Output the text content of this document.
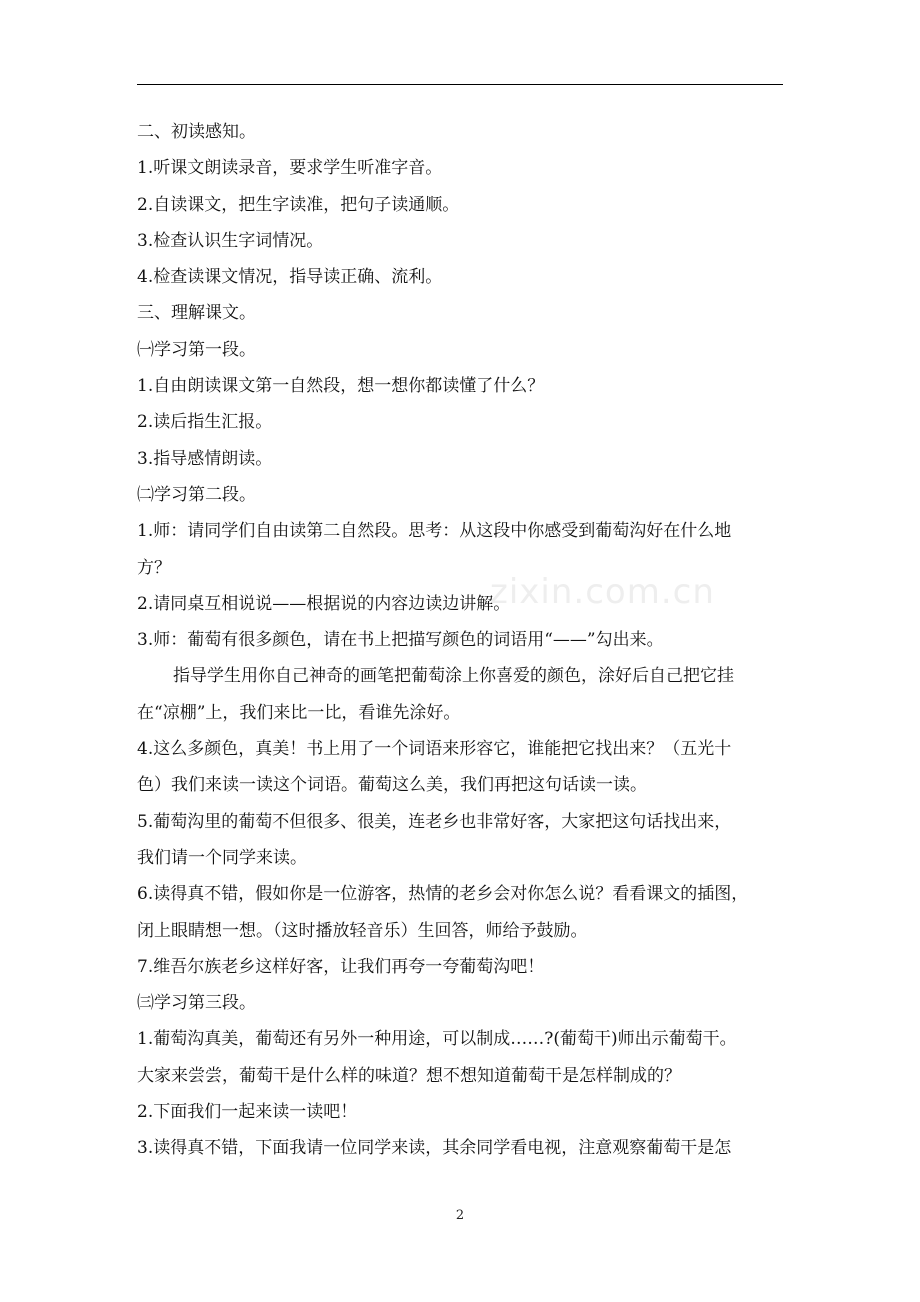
zixin.com.cn
二、初读感知。
1.听课文朗读录音，要求学生听准字音。
2.自读课文，把生字读准，把句子读通顺。
3.检查认识生字词情况。
4.检查读课文情况，指导读正确、流利。
三、理解课文。
㈠学习第一段。
1.自由朗读课文第一自然段，想一想你都读懂了什么？
2.读后指生汇报。
3.指导感情朗读。
㈡学习第二段。
1.师：请同学们自由读第二自然段。思考：从这段中你感受到葡萄沟好在什么地
方？
2.请同桌互相说说——根据说的内容边读边讲解。
3.师：葡萄有很多颜色，请在书上把描写颜色的词语用“——”勾出来。
指导学生用你自己神奇的画笔把葡萄涂上你喜爱的颜色，涂好后自己把它挂
在“凉棚”上，我们来比一比，看谁先涂好。
4.这么多颜色，真美！书上用了一个词语来形容它，谁能把它找出来？（五光十
色）我们来读一读这个词语。葡萄这么美，我们再把这句话读一读。
5.葡萄沟里的葡萄不但很多、很美，连老乡也非常好客，大家把这句话找出来，
我们请一个同学来读。
6.读得真不错，假如你是一位游客，热情的老乡会对你怎么说？看看课文的插图，
闭上眼睛想一想。（这时播放轻音乐）生回答，师给予鼓励。
7.维吾尔族老乡这样好客，让我们再夸一夸葡萄沟吧！
㈢学习第三段。
1.葡萄沟真美，葡萄还有另外一种用途，可以制成……?(葡萄干)师出示葡萄干。
大家来尝尝，葡萄干是什么样的味道？想不想知道葡萄干是怎样制成的？
2.下面我们一起来读一读吧！
3.读得真不错，下面我请一位同学来读，其余同学看电视，注意观察葡萄干是怎
2
